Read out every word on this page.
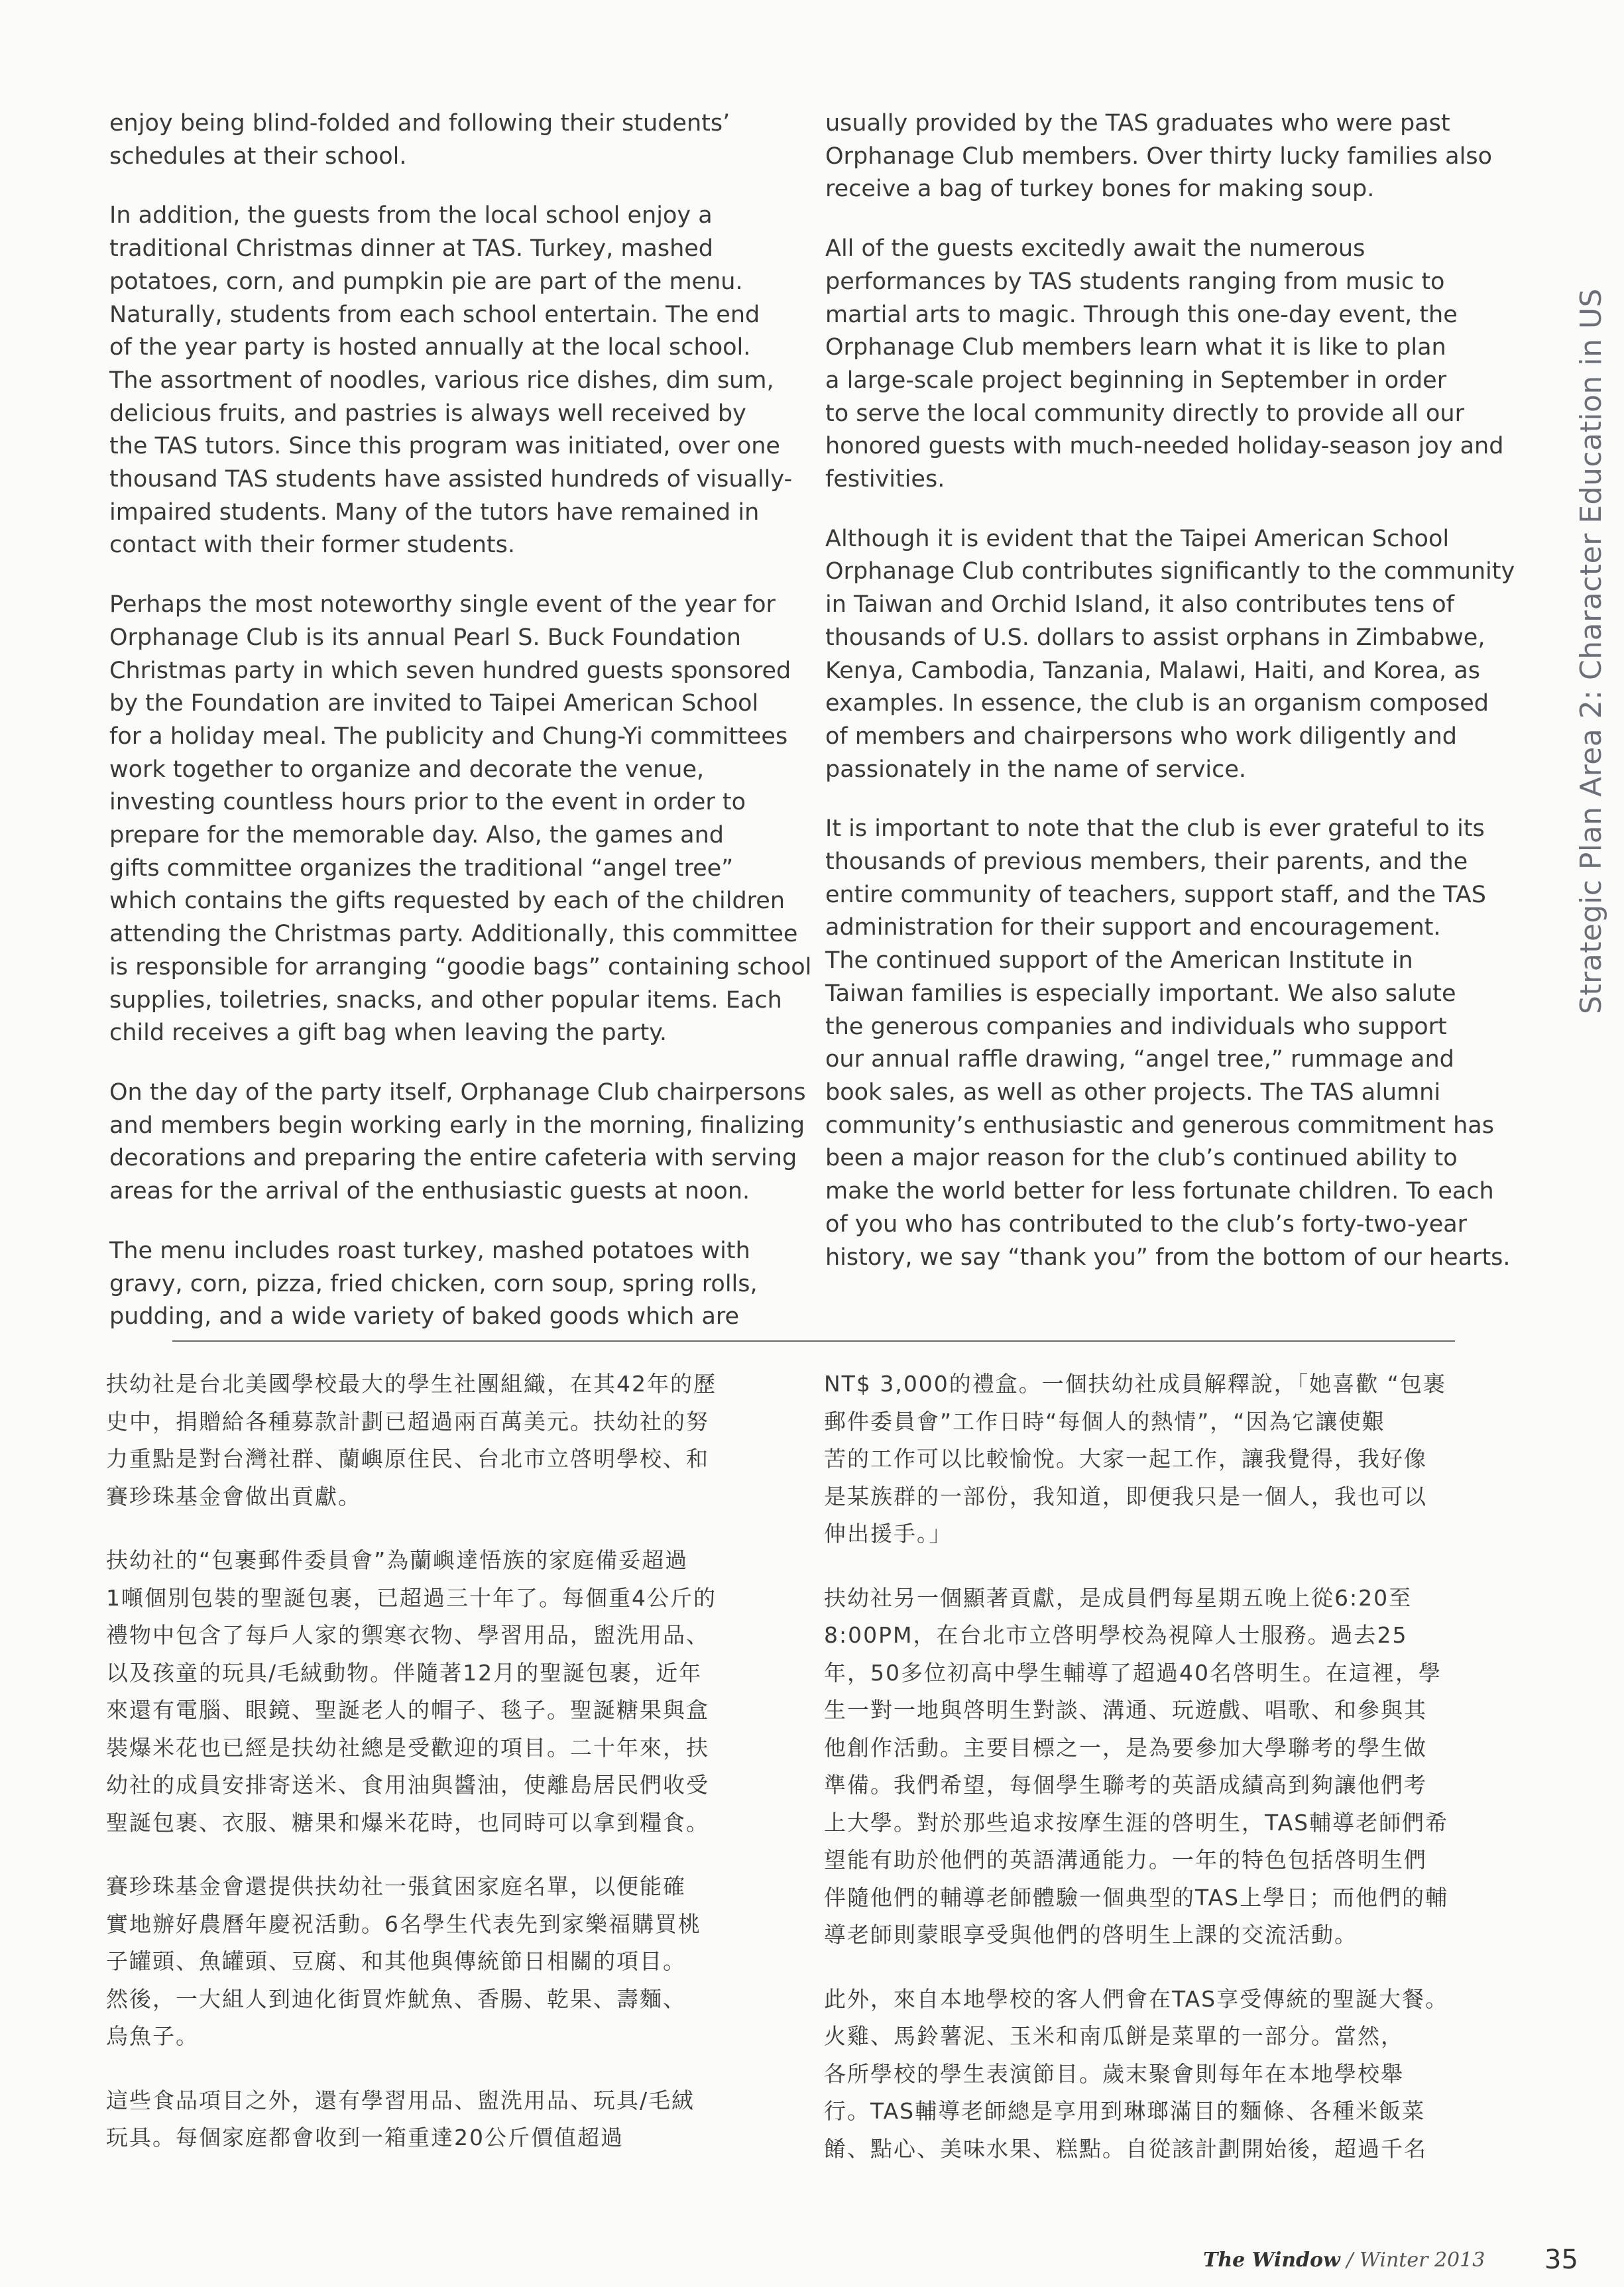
enjoy being blind-folded and following their students’
schedules at their school.

In addition, the guests from the local school enjoy a
traditional Christmas dinner at TAS. Turkey, mashed
potatoes, corn, and pumpkin pie are part of the menu.
Naturally, students from each school entertain. The end
of the year party is hosted annually at the local school.
The assortment of noodles, various rice dishes, dim sum,
delicious fruits, and pastries is always well received by
the TAS tutors. Since this program was initiated, over one
thousand TAS students have assisted hundreds of visually-
impaired students. Many of the tutors have remained in
contact with their former students.

Perhaps the most noteworthy single event of the year for
Orphanage Club is its annual Pearl S. Buck Foundation
Christmas party in which seven hundred guests sponsored
by the Foundation are invited to Taipei American School
for a holiday meal. The publicity and Chung-Yi committees
work together to organize and decorate the venue,
investing countless hours prior to the event in order to
prepare for the memorable day. Also, the games and
gifts committee organizes the traditional “angel tree”
which contains the gifts requested by each of the children
attending the Christmas party. Additionally, this committee
is responsible for arranging “goodie bags” containing school
supplies, toiletries, snacks, and other popular items. Each
child receives a gift bag when leaving the party.

On the day of the party itself, Orphanage Club chairpersons
and members begin working early in the morning, finalizing
decorations and preparing the entire cafeteria with serving
areas for the arrival of the enthusiastic guests at noon.

The menu includes roast turkey, mashed potatoes with
gravy, corn, pizza, fried chicken, corn soup, spring rolls,
pudding, and a wide variety of baked goods which are

usually provided by the TAS graduates who were past
Orphanage Club members. Over thirty lucky families also
receive a bag of turkey bones for making soup.

All of the guests excitedly await the numerous
performances by TAS students ranging from music to
martial arts to magic. Through this one-day event, the
Orphanage Club members learn what it is like to plan
a large-scale project beginning in September in order
to serve the local community directly to provide all our
honored guests with much-needed holiday-season joy and
festivities.

Although it is evident that the Taipei American School
Orphanage Club contributes significantly to the community
in Taiwan and Orchid Island, it also contributes tens of
thousands of U.S. dollars to assist orphans in Zimbabwe,
Kenya, Cambodia, Tanzania, Malawi, Haiti, and Korea, as
examples. In essence, the club is an organism composed
of members and chairpersons who work diligently and
passionately in the name of service.

It is important to note that the club is ever grateful to its
thousands of previous members, their parents, and the
entire community of teachers, support staff, and the TAS
administration for their support and encouragement.
The continued support of the American Institute in
Taiwan families is especially important. We also salute
the generous companies and individuals who support
our annual raffle drawing, “angel tree,” rummage and
book sales, as well as other projects. The TAS alumni
community’s enthusiastic and generous commitment has
been a major reason for the club’s continued ability to
make the world better for less fortunate children. To each
of you who has contributed to the club’s forty-two-year
history, we say “thank you” from the bottom of our hearts.

扶幼社是台北美國學校最大的學生社團組織，在其42年的歷
史中，捐贈給各種募款計劃已超過兩百萬美元。扶幼社的努
力重點是對台灣社群、蘭嶼原住民、台北市立啓明學校、和
賽珍珠基金會做出貢獻。

扶幼社的“包裹郵件委員會”為蘭嶼達悟族的家庭備妥超過
1噸個別包裝的聖誕包裹，已超過三十年了。每個重4公斤的
禮物中包含了每戶人家的禦寒衣物、學習用品，盥洗用品、
以及孩童的玩具/毛絨動物。伴隨著12月的聖誕包裹，近年
來還有電腦、眼鏡、聖誕老人的帽子、毯子。聖誕糖果與盒
裝爆米花也已經是扶幼社總是受歡迎的項目。二十年來，扶
幼社的成員安排寄送米、食用油與醬油，使離島居民們收受
聖誕包裹、衣服、糖果和爆米花時，也同時可以拿到糧食。

賽珍珠基金會還提供扶幼社一張貧困家庭名單，以便能確
實地辦好農曆年慶祝活動。6名學生代表先到家樂福購買桃
子罐頭、魚罐頭、豆腐、和其他與傳統節日相關的項目。
然後，一大組人到迪化街買炸魷魚、香腸、乾果、壽麵、
烏魚子。

這些食品項目之外，還有學習用品、盥洗用品、玩具/毛絨
玩具。每個家庭都會收到一箱重達20公斤價值超過

NT$ 3,000的禮盒。一個扶幼社成員解釋說，「她喜歡 “包裹
郵件委員會”工作日時“每個人的熱情”，“因為它讓使艱
苦的工作可以比較愉悅。大家一起工作，讓我覺得，我好像
是某族群的一部份，我知道，即便我只是一個人，我也可以
伸出援手。」

扶幼社另一個顯著貢獻，是成員們每星期五晚上從6:20至
8:00PM，在台北市立啓明學校為視障人士服務。過去25
年，50多位初高中學生輔導了超過40名啓明生。在這裡，學
生一對一地與啓明生對談、溝通、玩遊戲、唱歌、和參與其
他創作活動。主要目標之一，是為要參加大學聯考的學生做
準備。我們希望，每個學生聯考的英語成績高到夠讓他們考
上大學。對於那些追求按摩生涯的啓明生，TAS輔導老師們希
望能有助於他們的英語溝通能力。一年的特色包括啓明生們
伴隨他們的輔導老師體驗一個典型的TAS上學日；而他們的輔
導老師則蒙眼享受與他們的啓明生上課的交流活動。

此外，來自本地學校的客人們會在TAS享受傳統的聖誕大餐。
火雞、馬鈴薯泥、玉米和南瓜餅是菜單的一部分。當然，
各所學校的學生表演節目。歲末聚會則每年在本地學校舉
行。TAS輔導老師總是享用到琳瑯滿目的麵條、各種米飯菜
餚、點心、美味水果、糕點。自從該計劃開始後，超過千名

Strategic Plan Area 2: Character Education in US
The Window / Winter 2013 35
